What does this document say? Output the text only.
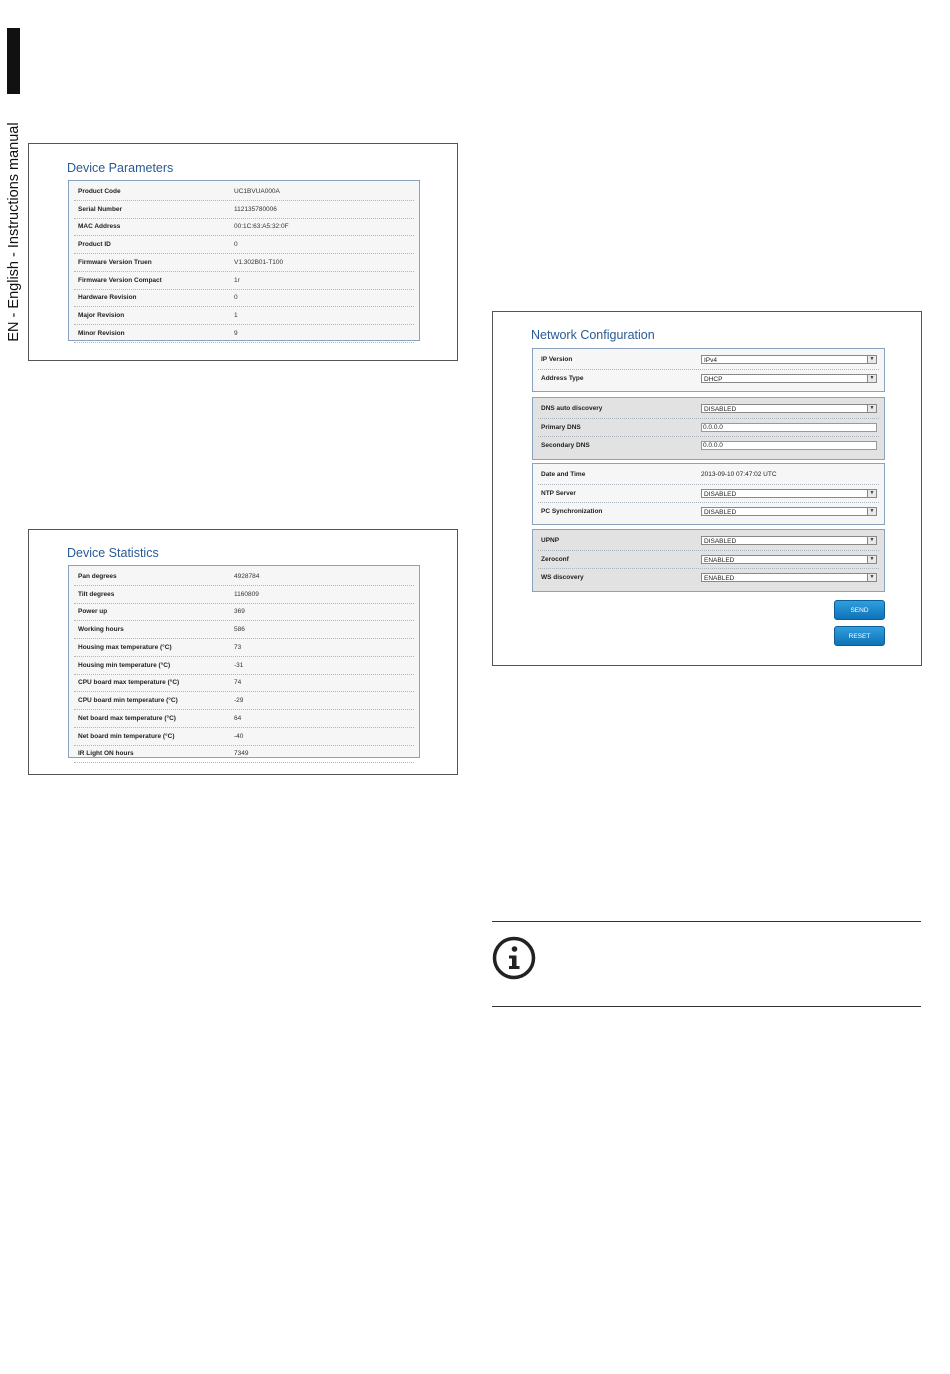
EN - English - Instructions manual	Device Parameters
Product Code	UC1BVUA000A
Serial Number	112135780006
MAC Address	00:1C:63:A5:32:0F
Product ID	0
Firmware Version Truen	V1.302B01-T100
Firmware Version Compact	1r
Hardware Revision	0
Major Revision	1
Minor Revision	9
Device Statistics
Pan degrees	4928784
Tilt degrees	1160809
Power up	369
Working hours	586
Housing max temperature (°C)	73
Housing min temperature (°C)	-31
CPU board max temperature (°C)	74
CPU board min temperature (°C)	-29
Net board max temperature (°C)	64
Net board min temperature (°C)	-40
IR Light ON hours	7349
Network Configuration
IP Version	IPv4	▼
Address Type	DHCP	▼
DNS auto discovery	DISABLED	▼
Primary DNS	0.0.0.0
Secondary DNS	0.0.0.0
Date and Time	2013-09-10 07:47:02 UTC
NTP Server	DISABLED	▼
PC Synchronization	DISABLED	▼
UPNP	DISABLED	▼
Zeroconf	ENABLED	▼
WS discovery	ENABLED	▼
SEND
RESET
